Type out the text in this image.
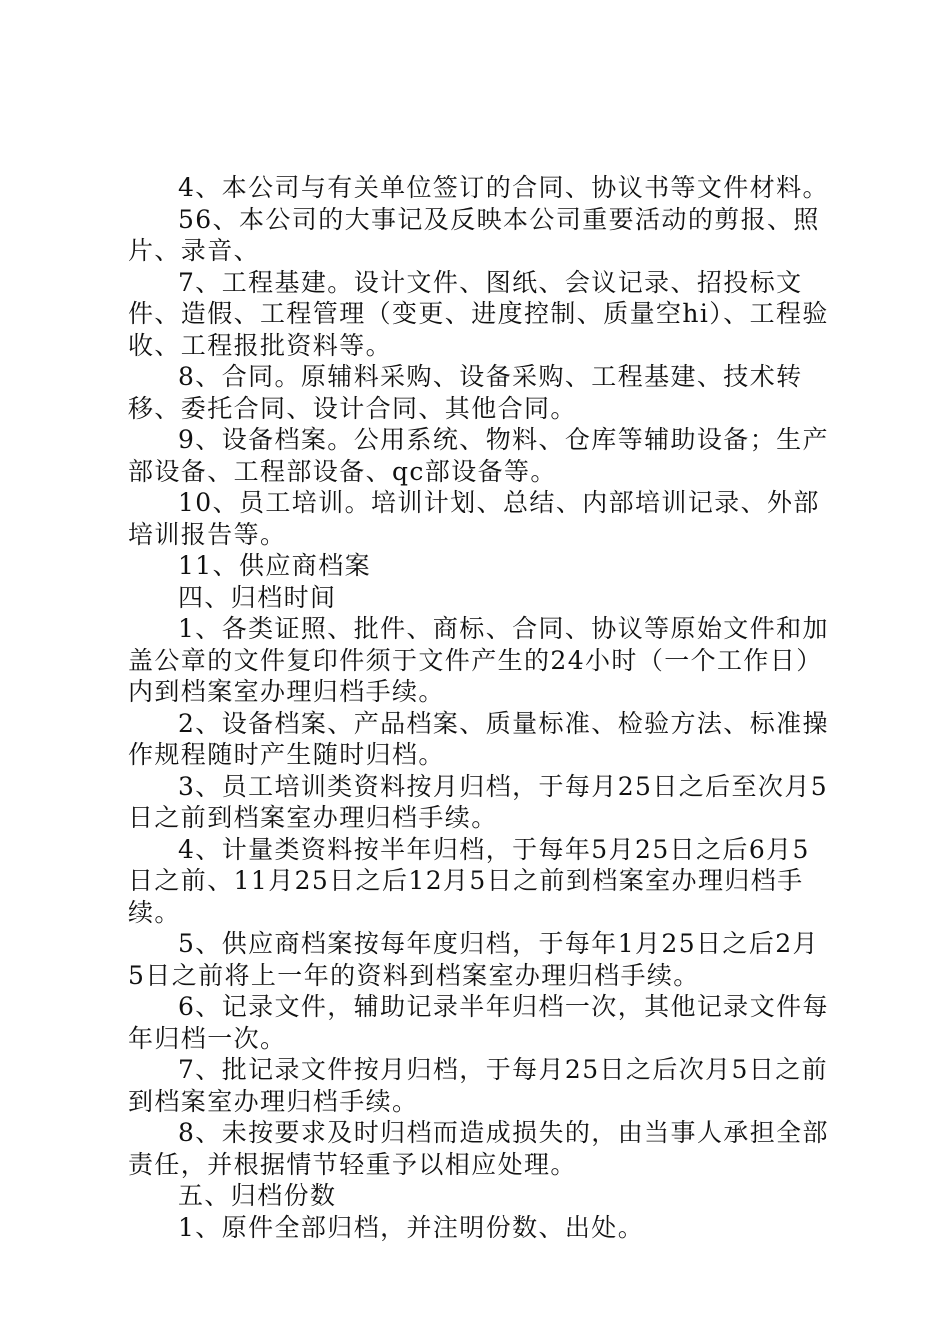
4、本公司与有关单位签订的合同、协议书等文件材料。

56、本公司的大事记及反映本公司重要活动的剪报、照片、录音、

7、工程基建。设计文件、图纸、会议记录、招投标文件、造假、工程管理（变更、进度控制、质量空hi）、工程验收、工程报批资料等。

8、合同。原辅料采购、设备采购、工程基建、技术转移、委托合同、设计合同、其他合同。

9、设备档案。公用系统、物料、仓库等辅助设备；生产部设备、工程部设备、qc部设备等。

10、员工培训。培训计划、总结、内部培训记录、外部培训报告等。

11、供应商档案

四、归档时间

1、各类证照、批件、商标、合同、协议等原始文件和加盖公章的文件复印件须于文件产生的24小时（一个工作日）内到档案室办理归档手续。

2、设备档案、产品档案、质量标准、检验方法、标准操作规程随时产生随时归档。

3、员工培训类资料按月归档，于每月25日之后至次月5日之前到档案室办理归档手续。

4、计量类资料按半年归档，于每年5月25日之后6月5日之前、11月25日之后12月5日之前到档案室办理归档手续。

5、供应商档案按每年度归档，于每年1月25日之后2月5日之前将上一年的资料到档案室办理归档手续。

6、记录文件，辅助记录半年归档一次，其他记录文件每年归档一次。

7、批记录文件按月归档，于每月25日之后次月5日之前到档案室办理归档手续。

8、未按要求及时归档而造成损失的，由当事人承担全部责任，并根据情节轻重予以相应处理。

五、归档份数

1、原件全部归档，并注明份数、出处。
